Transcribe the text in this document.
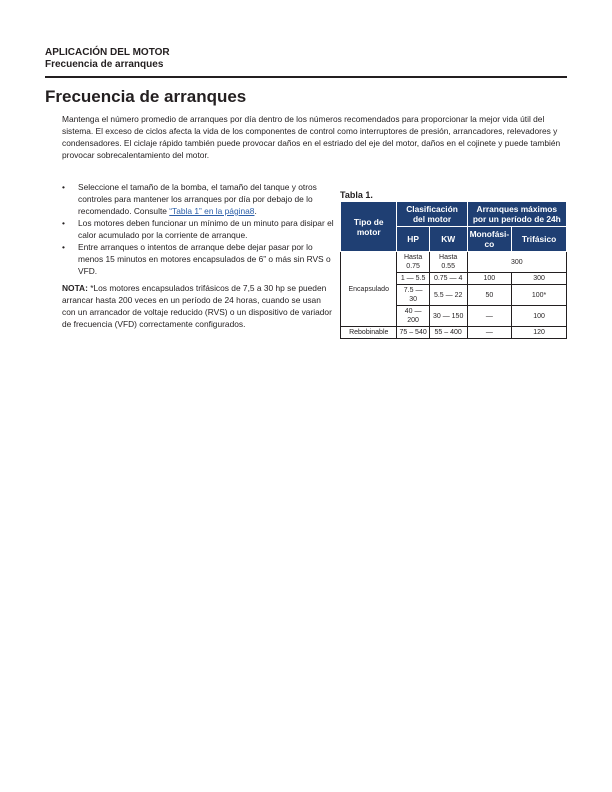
APLICACIÓN DEL MOTOR
Frecuencia de arranques
Frecuencia de arranques

Mantenga el número promedio de arranques por día dentro de los números recomendados para proporcionar la mejor vida útil del sistema. El exceso de ciclos afecta la vida de los componentes de control como interruptores de presión, arrancadores, relevadores y condensadores. El ciclaje rápido también puede provocar daños en el estriado del eje del motor, daños en el cojinete y puede también provocar sobrecalentamiento del motor.

• Seleccione el tamaño de la bomba, el tamaño del tanque y otros controles para mantener los arranques por día por debajo de lo recomendado. Consulte “Tabla 1” en la página8.
• Los motores deben funcionar un mínimo de un minuto para disipar el calor acumulado por la corriente de arranque.
• Entre arranques o intentos de arranque debe dejar pasar por lo menos 15 minutos en motores encapsulados de 6” o más sin RVS o VFD.

NOTA: *Los motores encapsulados trifásicos de 7,5 a 30 hp se pueden arrancar hasta 200 veces en un período de 24 horas, cuando se usan con un arrancador de voltaje reducido (RVS) o un dispositivo de variador de frecuencia (VFD) correctamente configurados.

Tabla 1.
Tipo de motor	Clasificación del motor		Arranques máximos por un período de 24h	
	HP	KW	Monofási-co	Trifásico
Encapsulado	Hasta 0.75	Hasta 0.55	300	
	1 — 5.5	0.75 — 4	100	300
	7.5 — 30	5.5 — 22	50	100*
	40 — 200	30 — 150	—	100
Rebobinable	75 – 540	55 – 400	—	120
